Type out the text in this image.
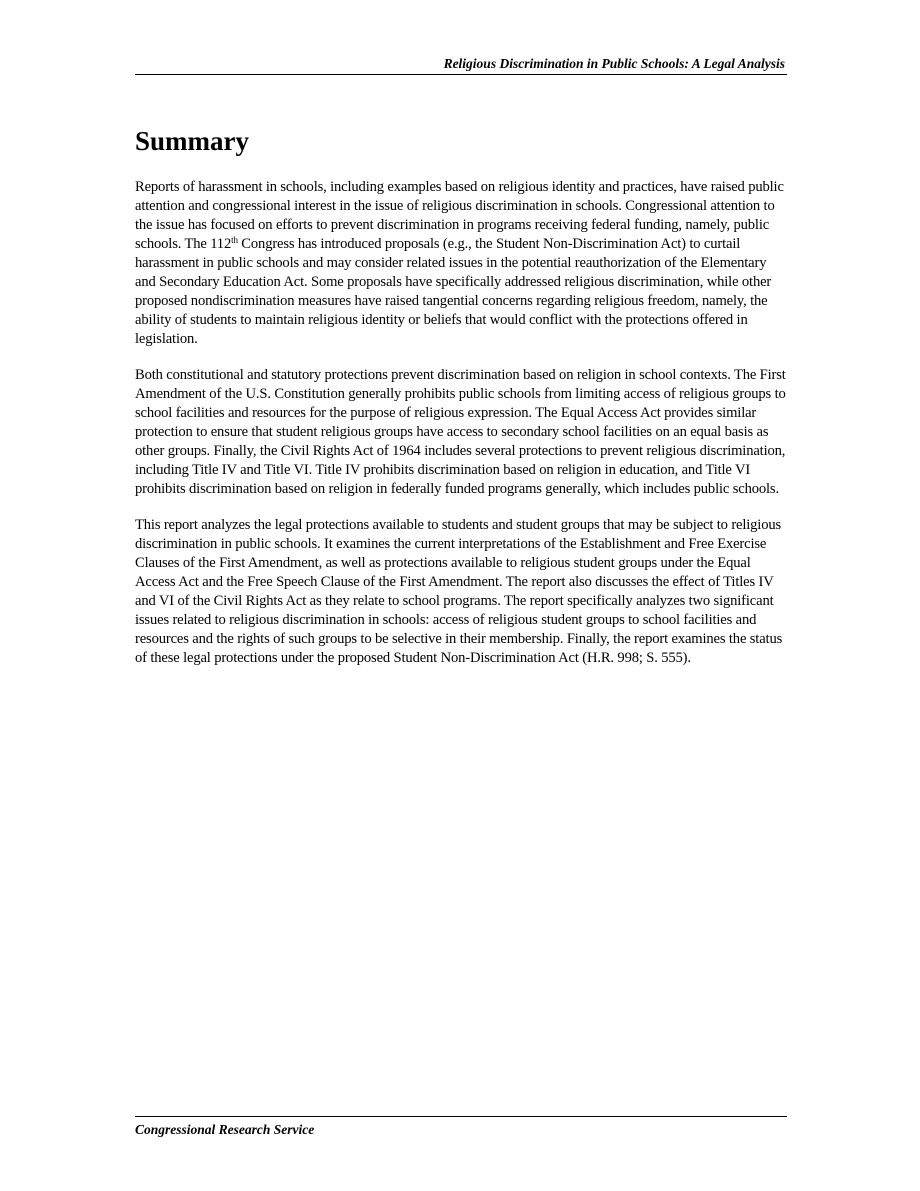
Religious Discrimination in Public Schools: A Legal Analysis
Summary

Reports of harassment in schools, including examples based on religious identity and practices, have raised public attention and congressional interest in the issue of religious discrimination in schools. Congressional attention to the issue has focused on efforts to prevent discrimination in programs receiving federal funding, namely, public schools. The 112th Congress has introduced proposals (e.g., the Student Non-Discrimination Act) to curtail harassment in public schools and may consider related issues in the potential reauthorization of the Elementary and Secondary Education Act. Some proposals have specifically addressed religious discrimination, while other proposed nondiscrimination measures have raised tangential concerns regarding religious freedom, namely, the ability of students to maintain religious identity or beliefs that would conflict with the protections offered in legislation.

Both constitutional and statutory protections prevent discrimination based on religion in school contexts. The First Amendment of the U.S. Constitution generally prohibits public schools from limiting access of religious groups to school facilities and resources for the purpose of religious expression. The Equal Access Act provides similar protection to ensure that student religious groups have access to secondary school facilities on an equal basis as other groups. Finally, the Civil Rights Act of 1964 includes several protections to prevent religious discrimination, including Title IV and Title VI. Title IV prohibits discrimination based on religion in education, and Title VI prohibits discrimination based on religion in federally funded programs generally, which includes public schools.

This report analyzes the legal protections available to students and student groups that may be subject to religious discrimination in public schools. It examines the current interpretations of the Establishment and Free Exercise Clauses of the First Amendment, as well as protections available to religious student groups under the Equal Access Act and the Free Speech Clause of the First Amendment. The report also discusses the effect of Titles IV and VI of the Civil Rights Act as they relate to school programs. The report specifically analyzes two significant issues related to religious discrimination in schools: access of religious student groups to school facilities and resources and the rights of such groups to be selective in their membership. Finally, the report examines the status of these legal protections under the proposed Student Non-Discrimination Act (H.R. 998; S. 555).

Congressional Research Service
